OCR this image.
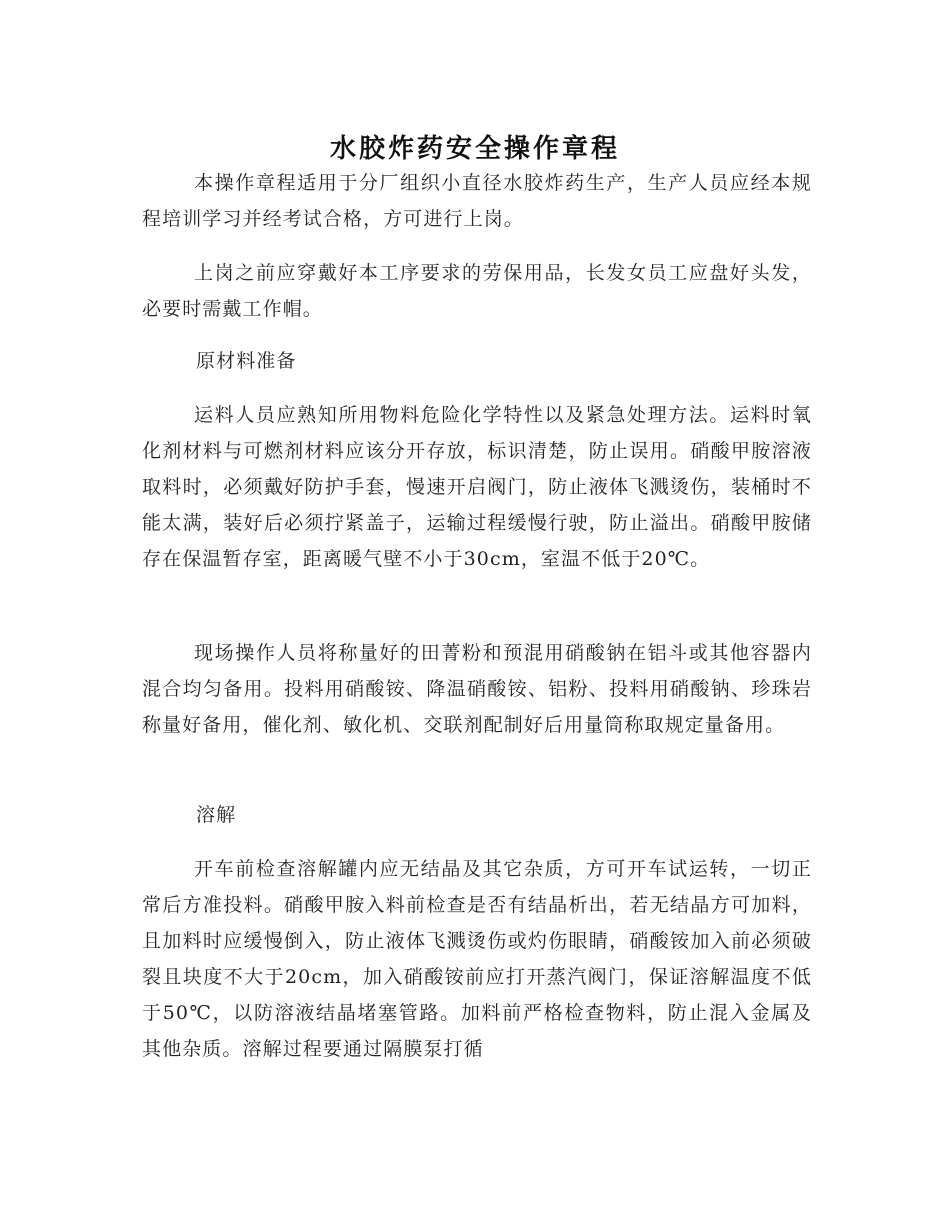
水胶炸药安全操作章程

本操作章程适用于分厂组织小直径水胶炸药生产，生产人员应经本规程培训学习并经考试合格，方可进行上岗。

上岗之前应穿戴好本工序要求的劳保用品，长发女员工应盘好头发，必要时需戴工作帽。

原材料准备

运料人员应熟知所用物料危险化学特性以及紧急处理方法。运料时氧化剂材料与可燃剂材料应该分开存放，标识清楚，防止误用。硝酸甲胺溶液取料时，必须戴好防护手套，慢速开启阀门，防止液体飞溅烫伤，装桶时不能太满，装好后必须拧紧盖子，运输过程缓慢行驶，防止溢出。硝酸甲胺储存在保温暂存室，距离暖气壁不小于30cm，室温不低于20℃。

现场操作人员将称量好的田菁粉和预混用硝酸钠在铝斗或其他容器内混合均匀备用。投料用硝酸铵、降温硝酸铵、铝粉、投料用硝酸钠、珍珠岩称量好备用，催化剂、敏化机、交联剂配制好后用量筒称取规定量备用。

溶解

开车前检查溶解罐内应无结晶及其它杂质，方可开车试运转，一切正常后方准投料。硝酸甲胺入料前检查是否有结晶析出，若无结晶方可加料，且加料时应缓慢倒入，防止液体飞溅烫伤或灼伤眼睛，硝酸铵加入前必须破裂且块度不大于20cm，加入硝酸铵前应打开蒸汽阀门，保证溶解温度不低于50℃，以防溶液结晶堵塞管路。加料前严格检查物料，防止混入金属及其他杂质。溶解过程要通过隔膜泵打循
